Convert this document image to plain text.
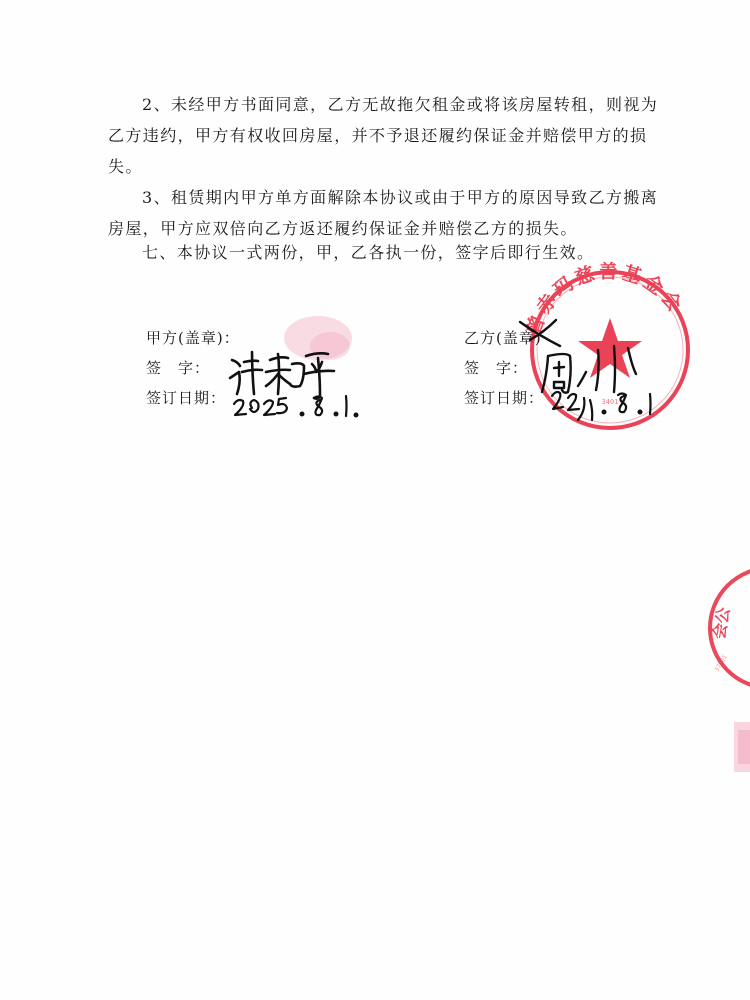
2、未经甲方书面同意，乙方无故拖欠租金或将该房屋转租，则视为乙方违约，甲方有权收回房屋，并不予退还履约保证金并赔偿甲方的损失。

3、租赁期内甲方单方面解除本协议或由于甲方的原因导致乙方搬离房屋，甲方应双倍向乙方返还履约保证金并赔偿乙方的损失。

七、本协议一式两份，甲，乙各执一份，签字后即行生效。

甲方(盖章)：
签　字：
签订日期：
乙方(盖章)
签　字：
签订日期：
曾赤玛慈善基金会
3401
会公
37801
